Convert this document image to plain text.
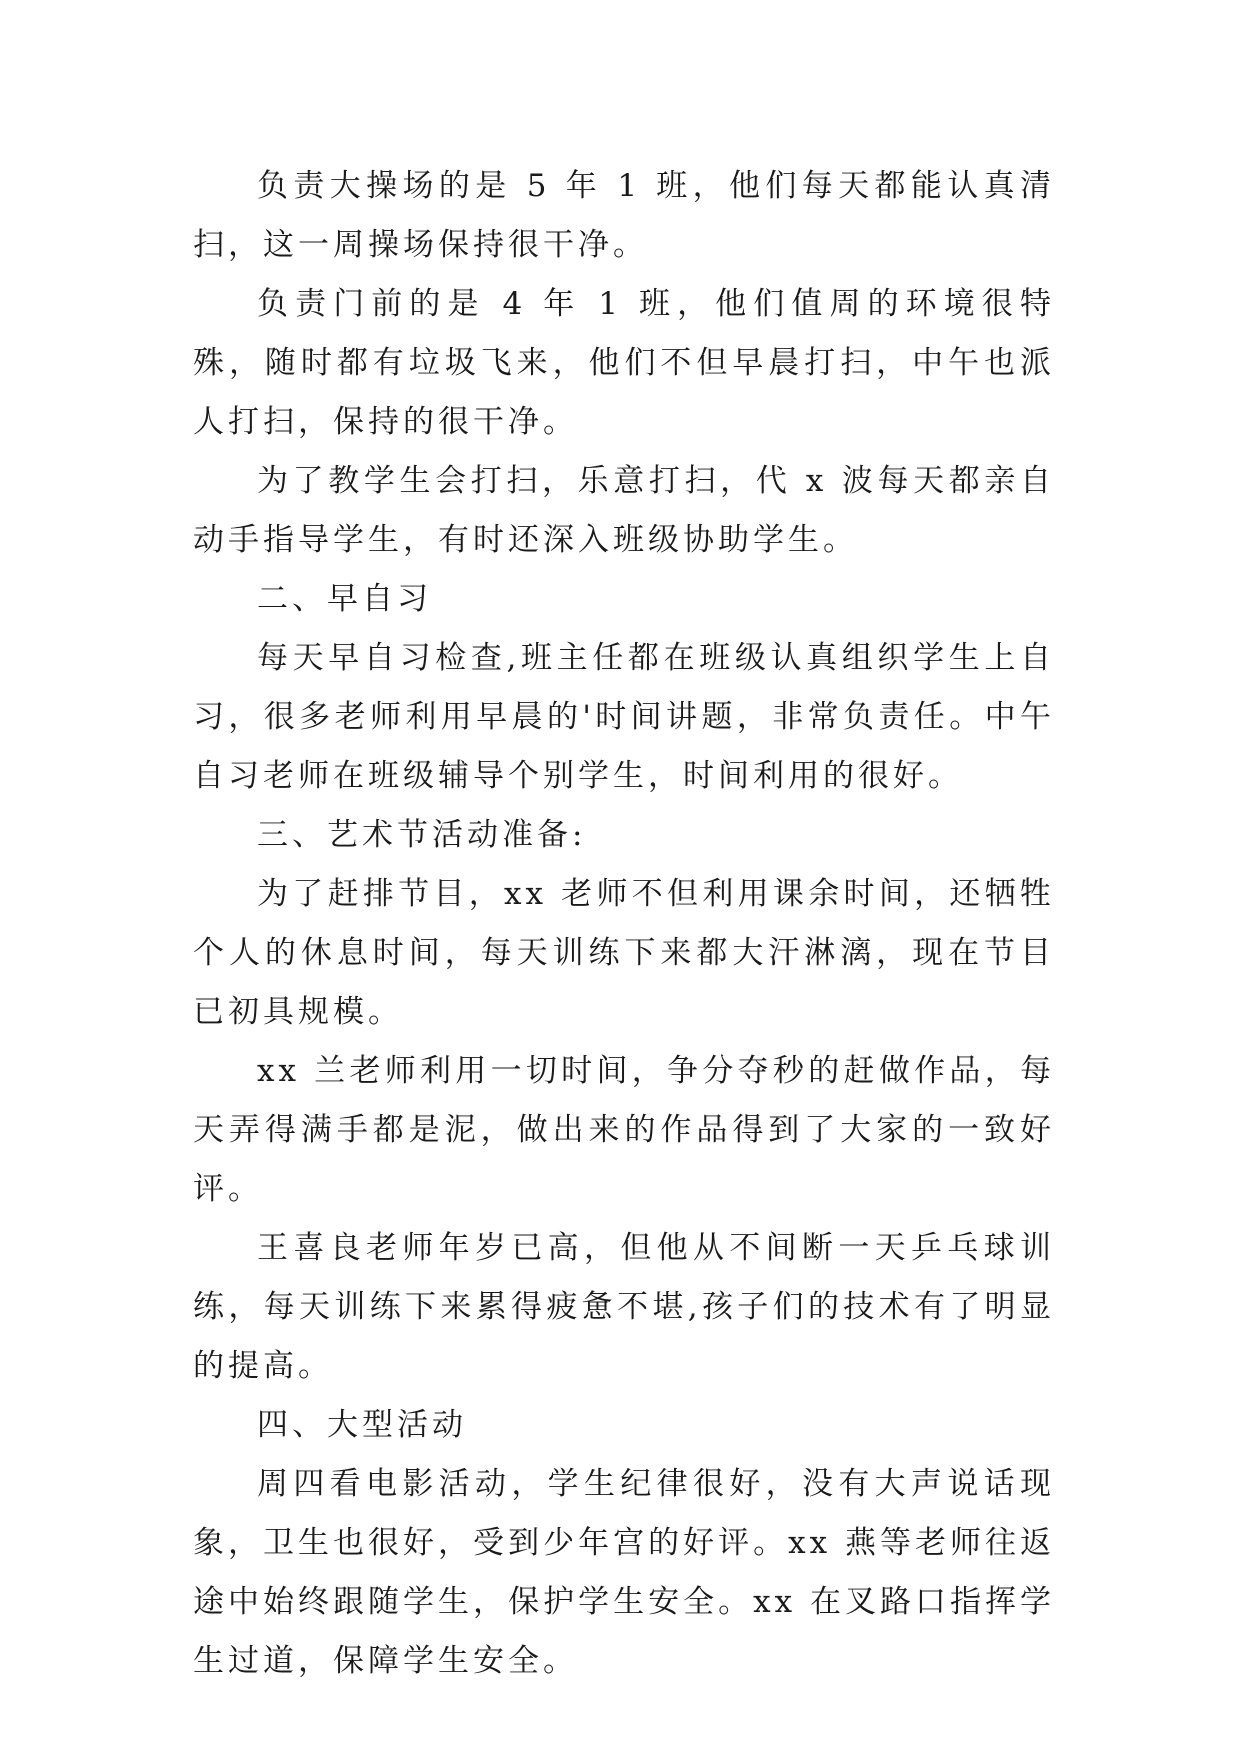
负责大操场的是 5 年 1 班，他们每天都能认真清扫，这一周操场保持很干净。

负责门前的是 4 年 1 班，他们值周的环境很特殊，随时都有垃圾飞来，他们不但早晨打扫，中午也派人打扫，保持的很干净。

为了教学生会打扫，乐意打扫，代 x 波每天都亲自动手指导学生，有时还深入班级协助学生。

二、早自习

每天早自习检查,班主任都在班级认真组织学生上自习，很多老师利用早晨的'时间讲题，非常负责任。中午自习老师在班级辅导个别学生，时间利用的很好。

三、艺术节活动准备:

为了赶排节目，xx 老师不但利用课余时间，还牺牲个人的休息时间，每天训练下来都大汗淋漓，现在节目已初具规模。

xx 兰老师利用一切时间，争分夺秒的赶做作品，每天弄得满手都是泥，做出来的作品得到了大家的一致好评。

王喜良老师年岁已高，但他从不间断一天乒乓球训练，每天训练下来累得疲惫不堪,孩子们的技术有了明显的提高。

四、大型活动

周四看电影活动，学生纪律很好，没有大声说话现象，卫生也很好，受到少年宫的好评。xx 燕等老师往返途中始终跟随学生，保护学生安全。xx 在叉路口指挥学生过道，保障学生安全。
